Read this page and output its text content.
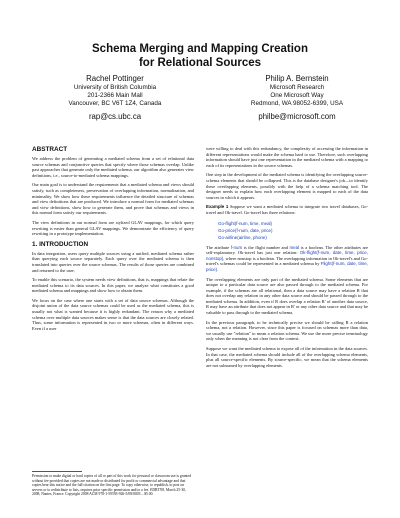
Schema Merging and Mapping Creation
for Relational Sources
Rachel Pottinger
University of British Columbia
201-2366 Main Mall
Vancouver, BC V6T 1Z4, Canada
rap@cs.ubc.ca
Philip A. Bernstein
Microsoft Research
One Microsoft Way
Redmond, WA 98052-6399, USA
philbe@microsoft.com
ABSTRACT

We address the problem of generating a mediated schema from a set of relational data source schemas and conjunctive queries that specify where those schemas overlap. Unlike past approaches that generate only the mediated schema, our algorithm also generates view definitions, i.e., source-to-mediated schema mappings.

Our main goal is to understand the requirements that a mediated schema and views should satisfy, such as completeness, preservation of overlapping information, normalization, and minimality. We show how these requirements influence the detailed structure of schemas and view definitions that are produced. We introduce a normal form for mediated schemas and view definitions, show how to generate them, and prove that schemas and views in this normal form satisfy our requirements.

The view definitions in our normal form are stylized GLAV mappings, for which query rewriting is easier than general GLAV mappings. We demonstrate the efficiency of query rewriting in a prototype implementation.

1. INTRODUCTION

In data integration, users query multiple sources using a unified, mediated schema rather than querying each source separately. Each query over the mediated schema is then translated into queries over the source schemas. The results of those queries are combined and returned to the user.

To enable this scenario, the system needs view definitions, that is, mappings that relate the mediated schema to its data sources. In this paper, we analyze what constitutes a good mediated schema and mappings and show how to obtain them.

We focus on the case where one starts with a set of data source schemas. Although the disjoint union of the data source schemas could be used as the mediated schema, this is usually not what is wanted because it is highly redundant. The reason why a mediated schema over multiple data sources makes sense is that the data sources are closely related. Thus, some information is represented in two or more schemas, often in different ways. Even if a user

Permission to make digital or hard copies of all or part of this work for personal or classroom use is granted without fee provided that copies are not made or distributed for profit or commercial advantage and that copies bear this notice and the full citation on the first page. To copy otherwise, to republish, to post on servers or to redistribute to lists, requires prior specific permission and/or a fee. EDBT'08, March 25-30, 2008, Nantes, France. Copyright 2008 ACM 978-1-59593-926-5/08/0003 ...$5.00.

were willing to deal with this redundancy, the complexity of accessing the information in different representations would make the schema hard to use. Therefore, such overlapping information should have just one representation in the mediated schema with a mapping to each of its representations in the source schemas.

One step in the development of the mediated schema is identifying the overlapping source-schema elements that should be collapsed. This is the database designer's job—to identify these overlapping elements, possibly with the help of a schema matching tool. The designer needs to explain how each overlapping element is mapped to each of the data sources in which it appears.

Example 1 Suppose we want a mediated schema to integrate two travel databases, Go-travel and Ok-travel. Go-travel has three relations:

Go-flight(f-num, time, meal)
Go-price(f-num, date, price)
Go-airline(airline, phone)

The attribute f-num is the flight number and meal is a boolean. The other attributes are self-explanatory. Ok-travel has just one relation: Ok-flight(f-num, date, time, price, nonstop), where nonstop is a boolean. The overlapping information in Ok-travel's and Go-travel's schemas could be represented in a mediated schema by Flight(f-num, date, time, price).

The overlapping elements are only part of the mediated schema. Some elements that are unique to a particular data source are also passed through to the mediated schema. For example, if the schemas are all relational, then a data source may have a relation R that does not overlap any relation in any other data source and should be passed through to the mediated schema. In addition, even if R does overlap a relation R' of another data source, R may have an attribute that does not appear in R' or any other data source and that may be valuable to pass through to the mediated schema.

In the previous paragraph, to be technically precise we should be calling R a relation schema, not a relation. However, since this paper is focused on schemas more than data, we usually use "relation" to mean a relation schema. We use the more precise terminology only when the meaning is not clear from the context.

Suppose we want the mediated schema to expose all of the information in the data sources. In that case, the mediated schema should include all of the overlapping schema elements, plus all source-specific elements. By source-specific, we mean that the schema elements are not subsumed by overlapping elements.
